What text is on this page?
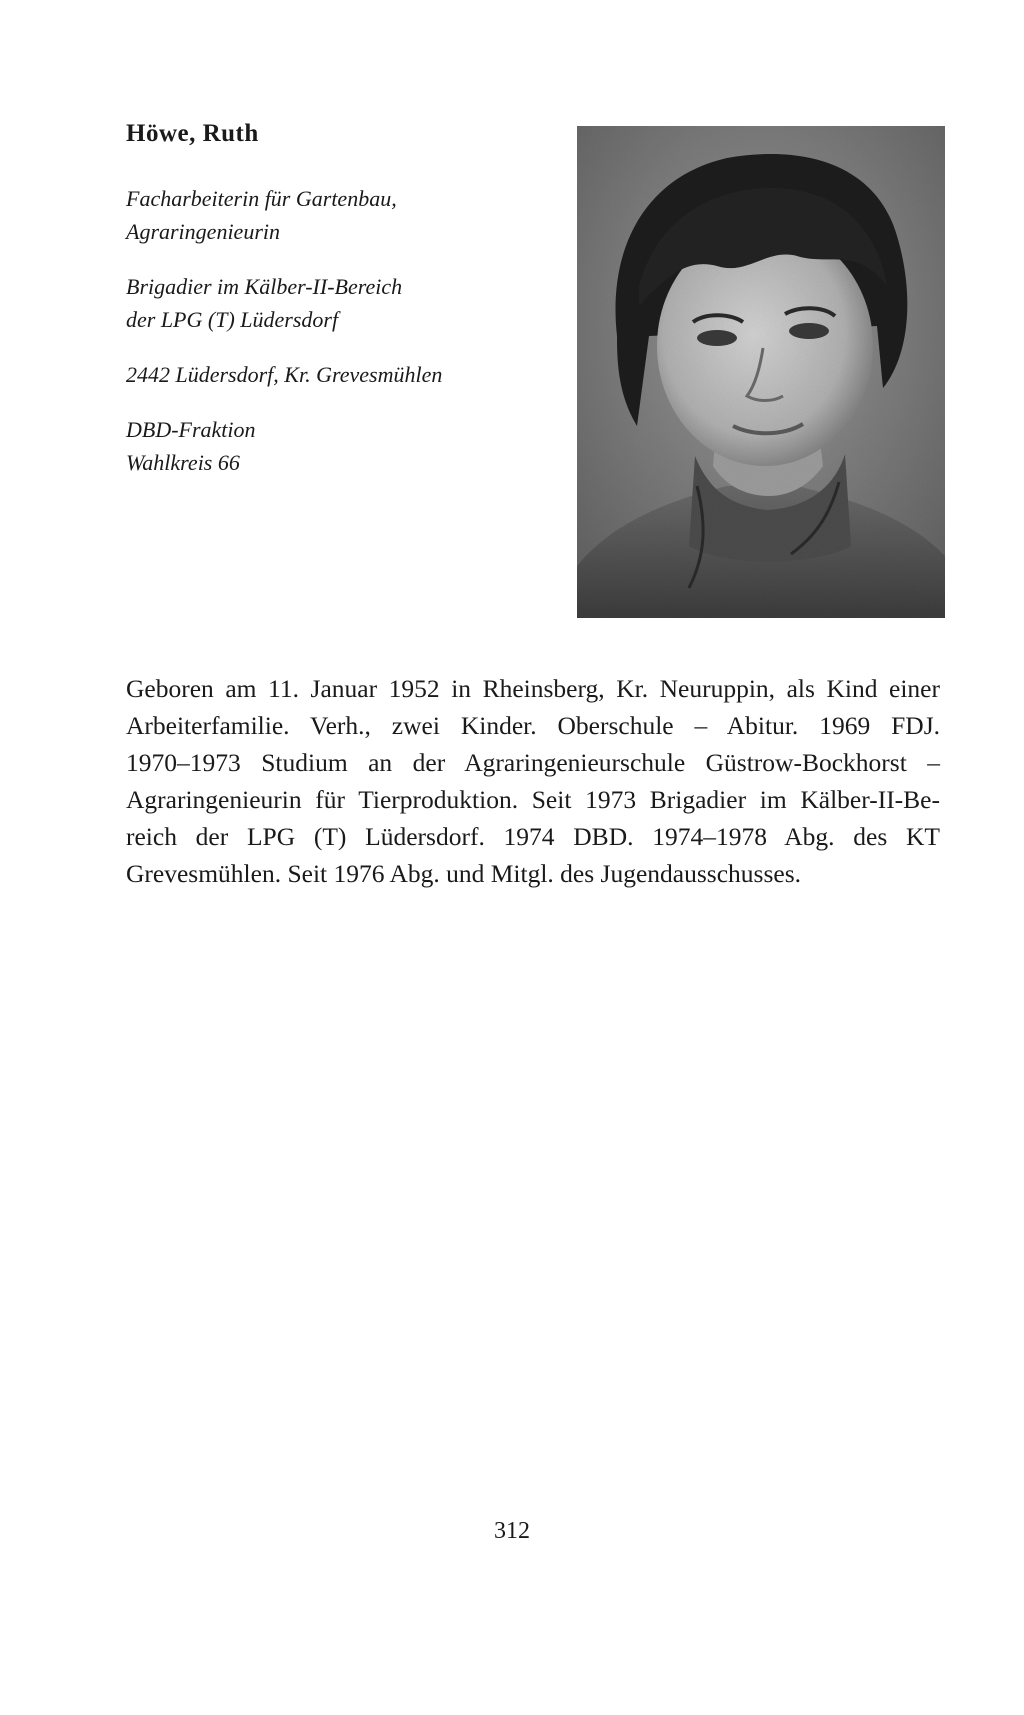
Höwe, Ruth
Facharbeiterin für Gartenbau,
Agraringenieurin
Brigadier im Kälber-II-Bereich
der LPG (T) Lüdersdorf
2442 Lüdersdorf, Kr. Grevesmühlen
DBD-Fraktion
Wahlkreis 66
Geboren am 11. Januar 1952 in Rheinsberg, Kr. Neuruppin, als Kind einer
Arbeiterfamilie. Verh., zwei Kinder. Oberschule – Abitur. 1969 FDJ.
1970–1973 Studium an der Agraringenieurschule Güstrow-Bockhorst –
Agraringenieurin für Tierproduktion. Seit 1973 Brigadier im Kälber-II-Be-
reich der LPG (T) Lüdersdorf. 1974 DBD. 1974–1978 Abg. des KT
Grevesmühlen. Seit 1976 Abg. und Mitgl. des Jugendausschusses.
312
